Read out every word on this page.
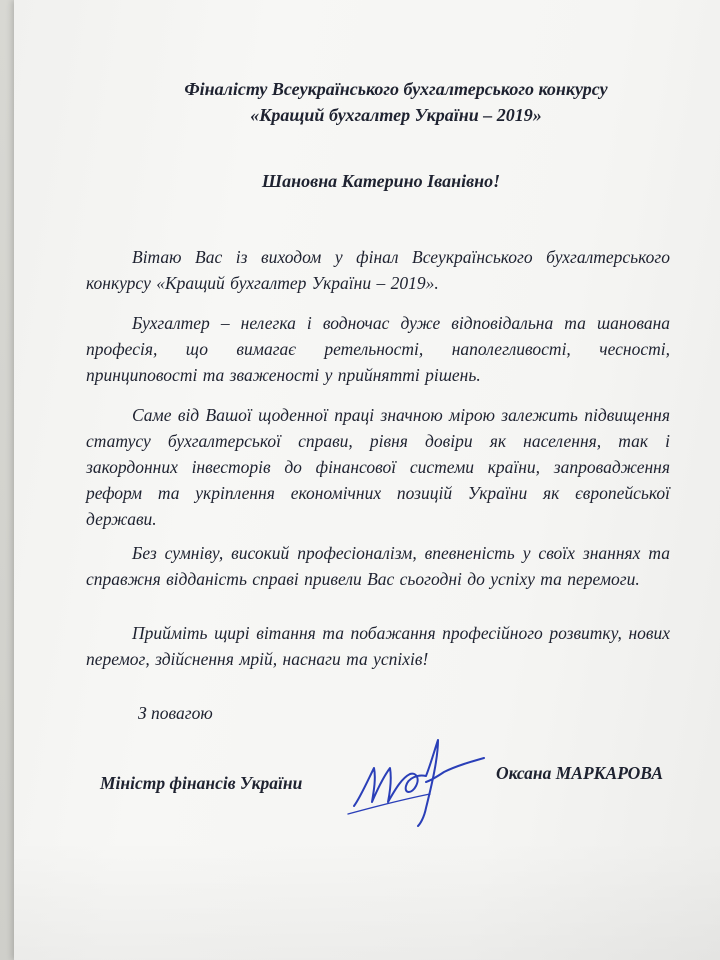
Фіналісту Всеукраїнського бухгалтерського конкурсу

«Кращий бухгалтер України – 2019»

Шановна Катерино Іванівно!

Вітаю Вас із виходом у фінал Всеукраїнського бухгалтерського конкурсу «Кращий бухгалтер України – 2019».

Бухгалтер – нелегка і водночас дуже відповідальна та шанована професія, що вимагає ретельності, наполегливості, чесності, принциповості та зваженості у прийнятті рішень.

Саме від Вашої щоденної праці значною мірою залежить підвищення статусу бухгалтерської справи, рівня довіри як населення, так і закордонних інвесторів до фінансової системи країни, запровадження реформ та укріплення економічних позицій України як європейської держави.

Без сумніву, високий професіоналізм, впевненість у своїх знаннях та справжня відданість справі привели Вас сьогодні до успіху та перемоги.

Прийміть щирі вітання та побажання професійного розвитку, нових перемог, здійснення мрій, наснаги та успіхів!

З повагою

Міністр фінансів України	Оксана МАРКАРОВА
